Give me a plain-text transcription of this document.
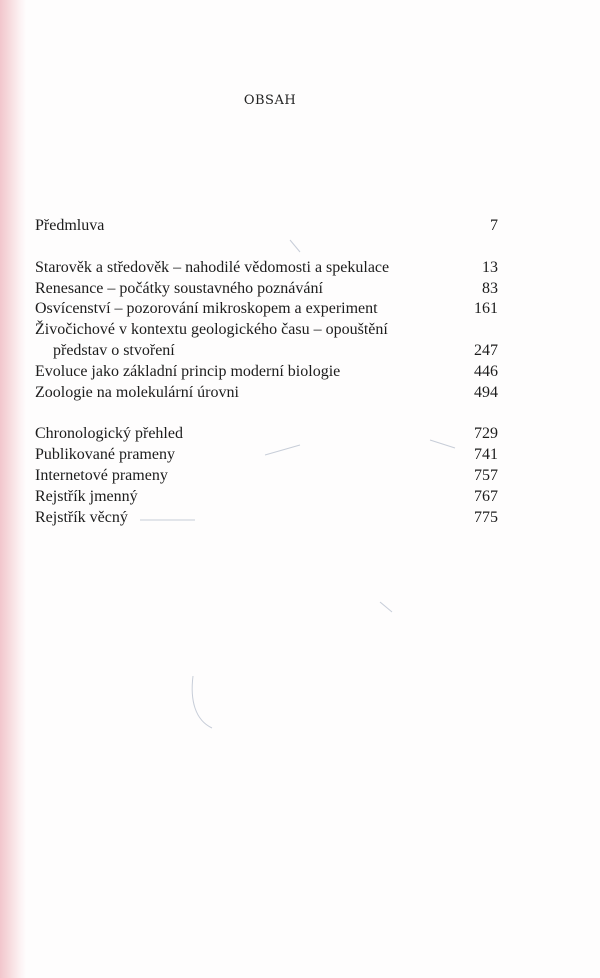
OBSAH
Předmluva	7
Starověk a středověk – nahodilé vědomosti a spekulace	13
Renesance – počátky soustavného poznávání	83
Osvícenství – pozorování mikroskopem a experiment	161
Živočichové v kontextu geologického času – opouštění
představ o stvoření	247
Evoluce jako základní princip moderní biologie	446
Zoologie na molekulární úrovni	494
Chronologický přehled	729
Publikované prameny	741
Internetové prameny	757
Rejstřík jmenný	767
Rejstřík věcný	775
